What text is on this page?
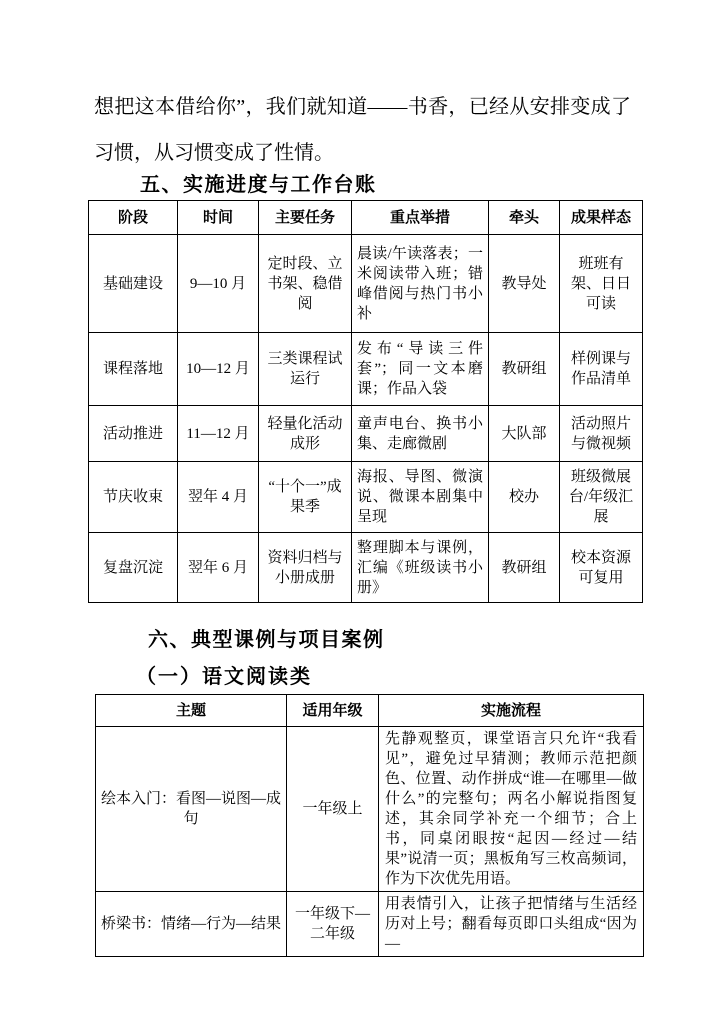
想把这本借给你”，我们就知道——书香，已经从安排变成了习惯，从习惯变成了性情。

五、实施进度与工作台账
阶段	时间	主要任务	重点举措	牵头	成果样态
基础建设	9—10 月	定时段、立书架、稳借阅	晨读/午读落表；一米阅读带入班；错峰借阅与热门书小补	教导处	班班有架、日日可读
课程落地	10—12 月	三类课程试运行	发布“导读三件套”；同一文本磨课；作品入袋	教研组	样例课与作品清单
活动推进	11—12 月	轻量化活动成形	童声电台、换书小集、走廊微剧	大队部	活动照片与微视频
节庆收束	翌年 4 月	“十个一”成果季	海报、导图、微演说、微课本剧集中呈现	校办	班级微展台/年级汇展
复盘沉淀	翌年 6 月	资料归档与小册成册	整理脚本与课例，汇编《班级读书小册》	教研组	校本资源可复用
六、典型课例与项目案例
（一）语文阅读类
主题	适用年级	实施流程
绘本入门：看图—说图—成句	一年级上	先静观整页，课堂语言只允许“我看见”，避免过早猜测；教师示范把颜色、位置、动作拼成“谁—在哪里—做什么”的完整句；两名小解说指图复述，其余同学补充一个细节；合上书，同桌闭眼按“起因—经过—结果”说清一页；黑板角写三枚高频词，作为下次优先用语。
桥梁书：情绪—行为—结果	一年级下—二年级	用表情引入，让孩子把情绪与生活经历对上号；翻看每页即口头组成“因为—
